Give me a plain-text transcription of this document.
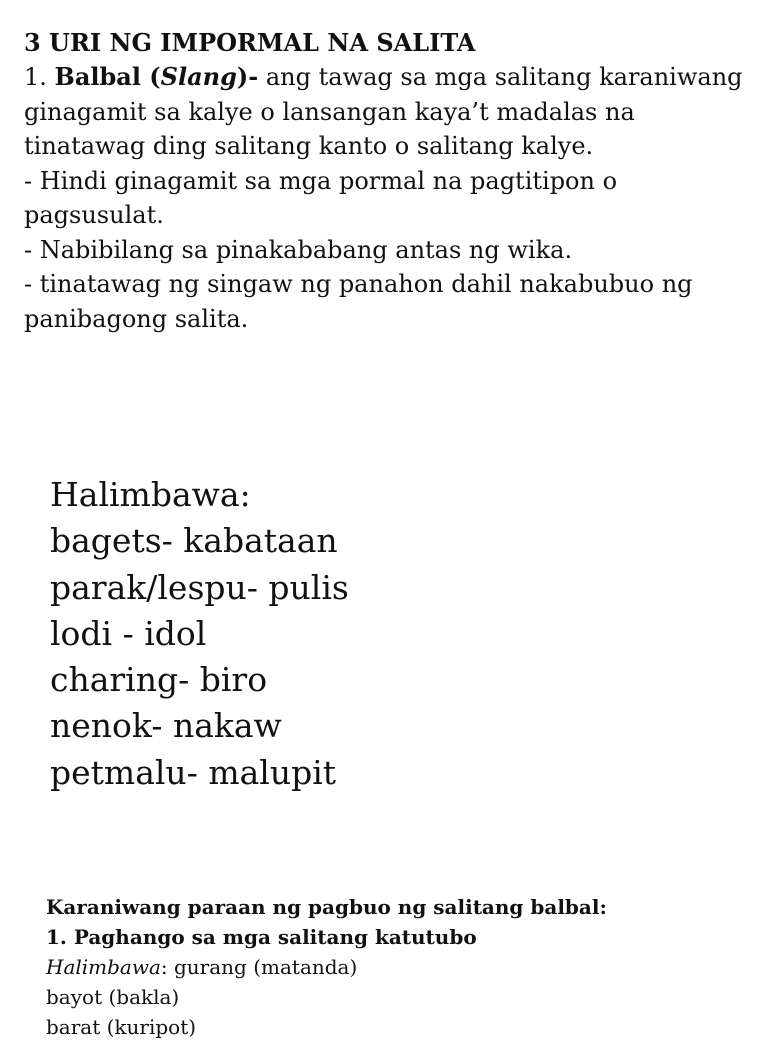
3 URI NG IMPORMAL NA SALITA

1. Balbal (Slang)- ang tawag sa mga salitang karaniwang ginagamit sa kalye o lansangan kaya’t madalas na tinatawag ding salitang kanto o salitang kalye.

- Hindi ginagamit sa mga pormal na pagtitipon o pagsusulat.

- Nabibilang sa pinakababang antas ng wika.

- tinatawag ng singaw ng panahon dahil nakabubuo ng panibagong salita.

Halimbawa:
bagets- kabataan
parak/lespu- pulis
lodi - idol
charing- biro
nenok- nakaw
petmalu- malupit
Karaniwang paraan ng pagbuo ng salitang balbal:
1. Paghango sa mga salitang katutubo
Halimbawa: gurang (matanda)
bayot (bakla)
barat (kuripot)
